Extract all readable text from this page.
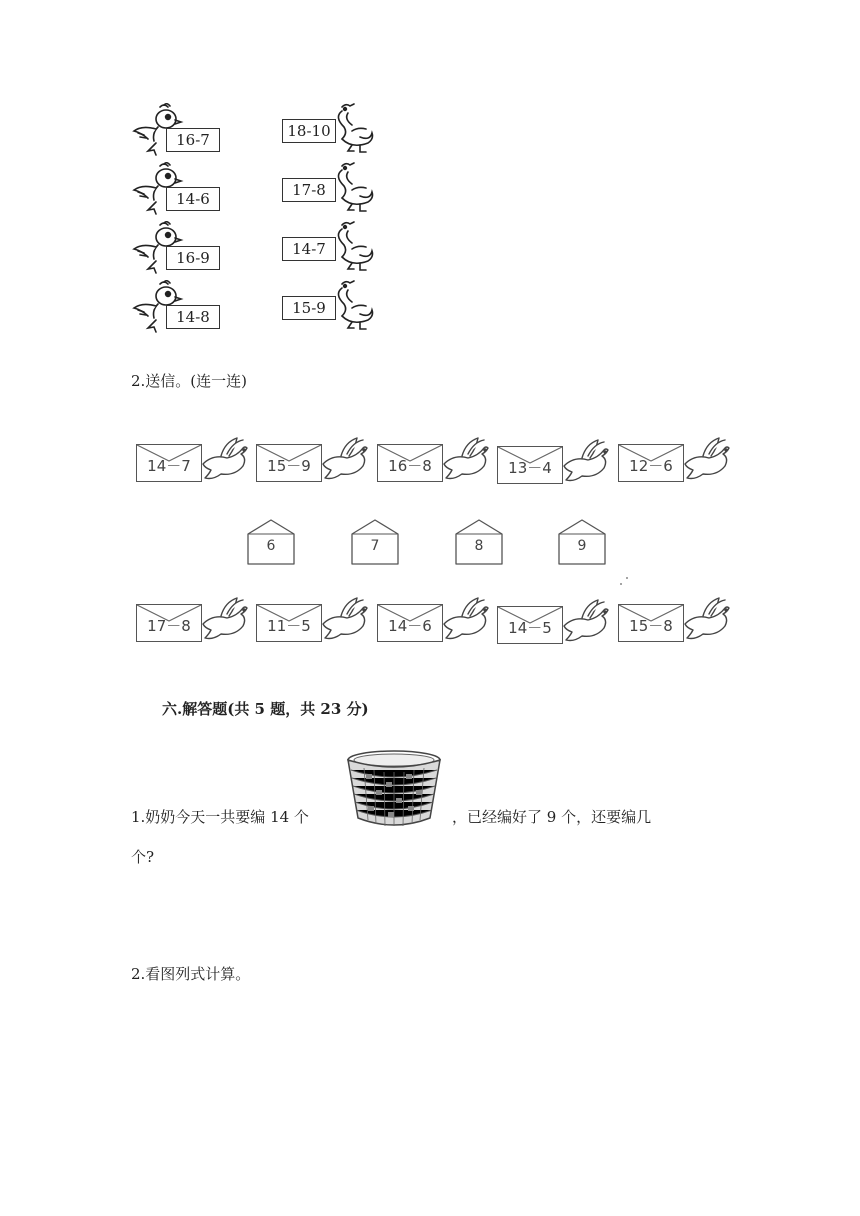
16-7	18-10
14-6	17-8
16-9	14-7
14-8	15-9
2.送信。(连一连)
14－7	15－9	16－8	13－4	12－6
6	7	8	9
17－8	11－5	14－6	14－5	15－8
六.解答题(共 5 题，共 23 分)
1.奶奶今天一共要编 14 个	，已经编好了 9 个，还要编几
个?
2.看图列式计算。
